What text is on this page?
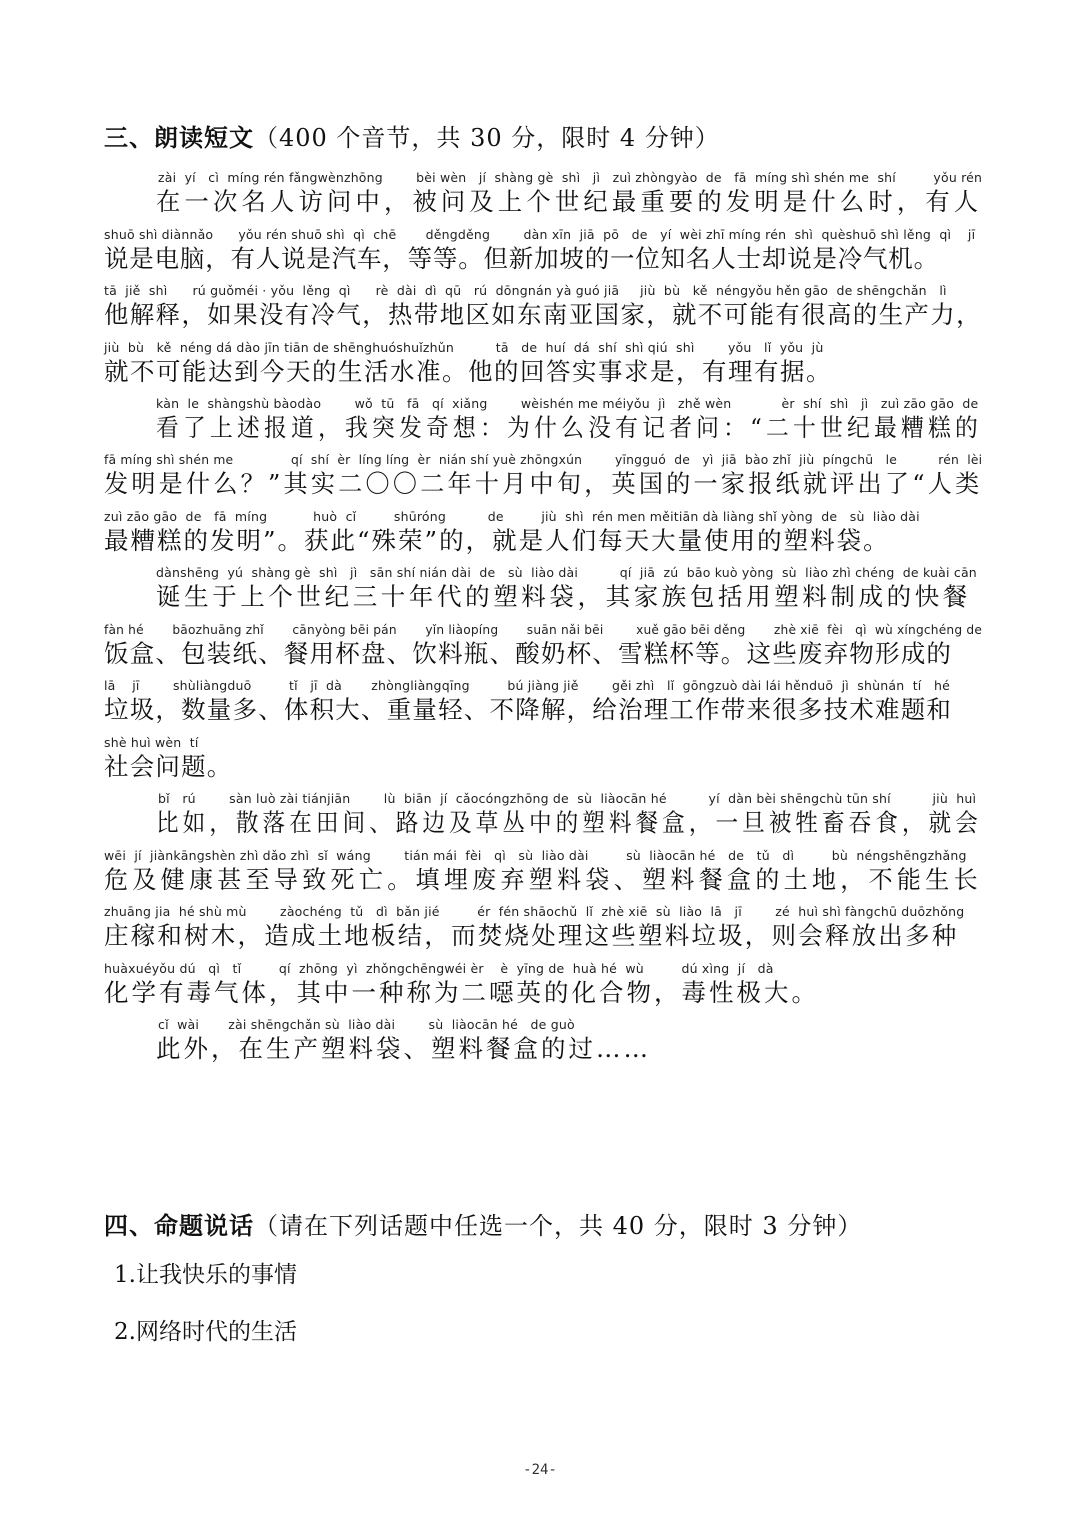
三、朗读短文（400 个音节，共 30 分，限时 4 分钟）
zài  yí   cì  míng rén fǎngwènzhōng        bèi wèn   jí  shàng gè  shì   jì   zuì zhòngyào  de   fā  míng shì shén me  shí         yǒu rén
在一次名人访问中，被问及上个世纪最重要的发明是什么时，有人
shuō shì diànnǎo      yǒu rén shuō shì  qì  chē       děngděng        dàn xīn  jiā  pō   de   yí  wèi zhī míng rén  shì  quèshuō shì lěng  qì    jī
说是电脑，有人说是汽车，等等。但新加坡的一位知名人士却说是冷气机。
tā  jiě  shì      rú guǒméi · yǒu  lěng  qì      rè  dài  dì  qū   rú  dōngnán yà guó jiā     jiù  bù   kě  néngyǒu hěn gāo  de shēngchǎn   lì
他解释，如果没有冷气，热带地区如东南亚国家，就不可能有很高的生产力，
jiù  bù   kě  néng dá dào jīn tiān de shēnghuóshuǐzhǔn          tā   de  huí  dá  shí  shì qiú  shì        yǒu   lǐ  yǒu  jù
就不可能达到今天的生活水准。他的回答实事求是，有理有据。
kàn  le  shàngshù bàodào        wǒ  tū   fā   qí  xiǎng        wèishén me méiyǒu  jì   zhě wèn            èr  shí  shì   jì   zuì zāo gāo  de
看了上述报道，我突发奇想：为什么没有记者问：“二十世纪最糟糕的
fā míng shì shén me              qí  shí  èr  líng líng  èr  nián shí yuè zhōngxún        yīngguó  de   yì  jiā  bào zhǐ  jiù  píngchū   le          rén  lèi
发明是什么？”其实二〇〇二年十月中旬，英国的一家报纸就评出了“人类
zuì zāo gāo  de   fā  míng           huò  cǐ         shūróng          de         jiù  shì  rén men měitiān dà liàng shǐ yòng  de   sù  liào dài
最糟糕的发明”。获此“殊荣”的，就是人们每天大量使用的塑料袋。
dànshēng  yú  shàng gè  shì   jì   sān shí nián dài  de   sù  liào dài          qí  jiā  zú  bāo kuò yòng  sù  liào zhì chéng  de kuài cān
诞生于上个世纪三十年代的塑料袋，其家族包括用塑料制成的快餐
fàn hé       bāozhuāng zhǐ       cānyòng bēi pán       yǐn liàopíng       suān nǎi bēi        xuě gāo bēi děng       zhè xiē  fèi   qì  wù xíngchéng de
饭盒、包装纸、餐用杯盘、饮料瓶、酸奶杯、雪糕杯等。这些废弃物形成的
lā    jī        shùliàngduō         tǐ   jī  dà       zhòngliàngqīng         bú jiàng jiě        gěi zhì   lǐ  gōngzuò dài lái hěnduō  jì  shùnán  tí   hé
垃圾，数量多、体积大、重量轻、不降解，给治理工作带来很多技术难题和
shè huì wèn  tí
社会问题。
bǐ   rú        sàn luò zài tiánjiān        lù  biān  jí  cǎocóngzhōng de  sù  liàocān hé          yí  dàn bèi shēngchù tūn shí          jiù  huì
比如，散落在田间、路边及草丛中的塑料餐盒，一旦被牲畜吞食，就会
wēi  jí  jiànkāngshèn zhì dǎo zhì  sǐ  wáng        tián mái  fèi   qì   sù  liào dài         sù  liàocān hé   de   tǔ   dì         bù  néngshēngzhǎng
危及健康甚至导致死亡。填埋废弃塑料袋、塑料餐盒的土地，不能生长
zhuāng jia  hé shù mù        zàochéng  tǔ   dì  bǎn jié         ér  fén shāochǔ  lǐ  zhè xiē  sù  liào  lā   jī        zé  huì shì fàngchū duōzhǒng
庄稼和树木，造成土地板结，而焚烧处理这些塑料垃圾，则会释放出多种
huàxuéyǒu dú   qì   tǐ         qí  zhōng  yì  zhǒngchēngwéi èr    è  yīng de  huà hé  wù         dú xìng  jí   dà
化学有毒气体，其中一种称为二噁英的化合物，毒性极大。
cǐ  wài       zài shēngchǎn sù  liào dài        sù  liàocān hé   de guò
此外，在生产塑料袋、塑料餐盒的过……
四、命题说话（请在下列话题中任选一个，共 40 分，限时 3 分钟）
1.让我快乐的事情
2.网络时代的生活
-24-
